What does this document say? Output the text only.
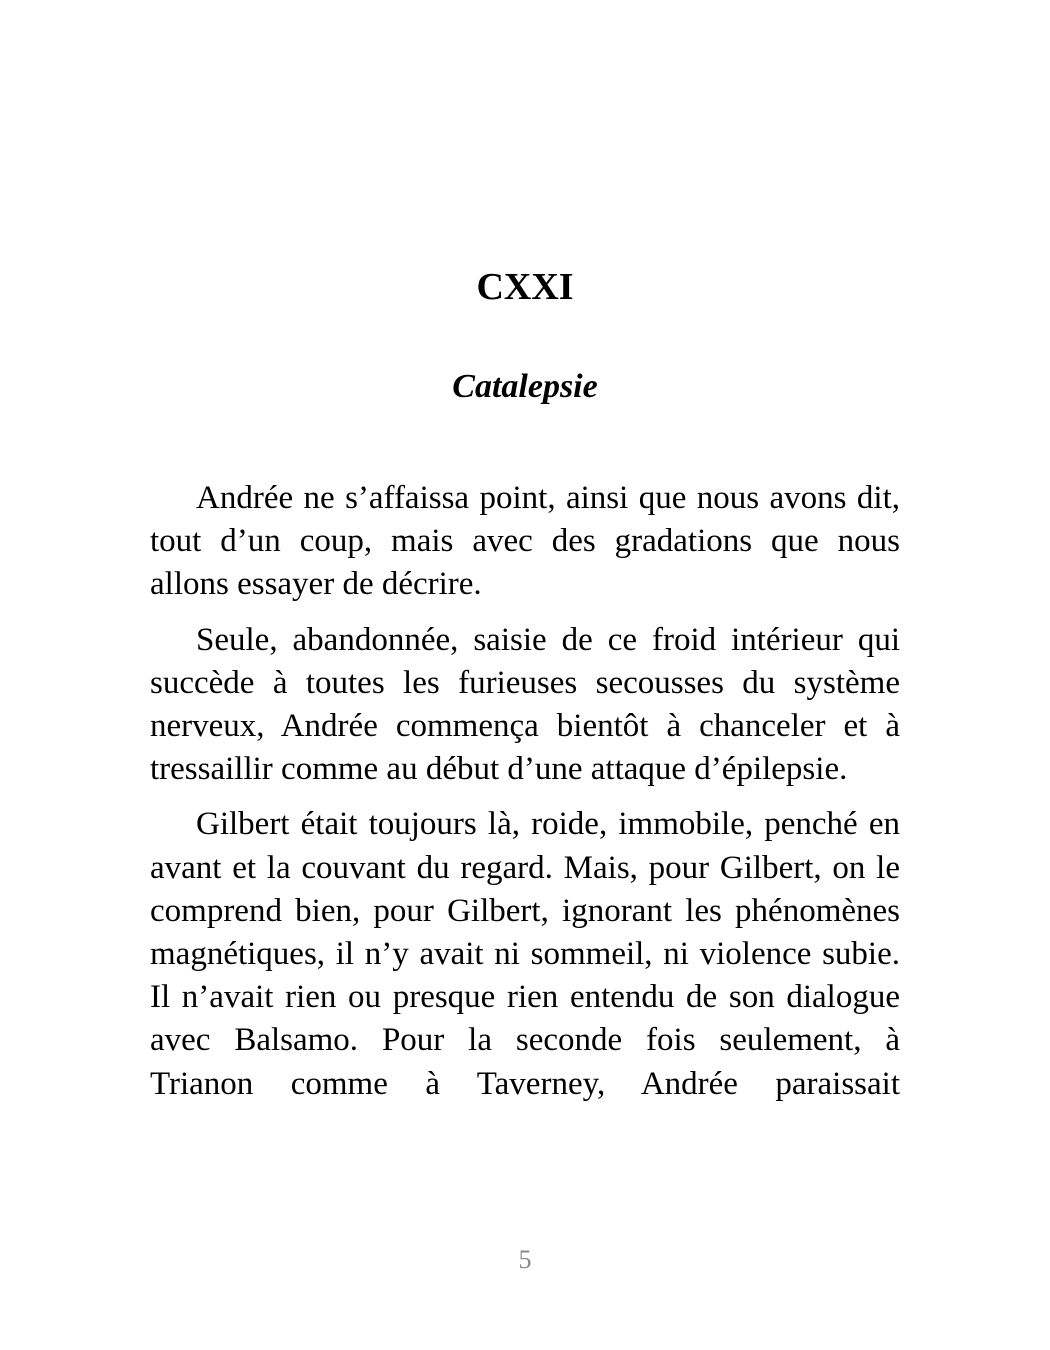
CXXI
Catalepsie

Andrée ne s’affaissa point, ainsi que nous avons dit, tout d’un coup, mais avec des gradations que nous allons essayer de décrire.

Seule, abandonnée, saisie de ce froid intérieur qui succède à toutes les furieuses secousses du système nerveux, Andrée commença bientôt à chanceler et à tressaillir comme au début d’une attaque d’épilepsie.

Gilbert était toujours là, roide, immobile, penché en avant et la couvant du regard. Mais, pour Gilbert, on le comprend bien, pour Gilbert, ignorant les phénomènes magnétiques, il n’y avait ni sommeil, ni violence subie. Il n’avait rien ou presque rien entendu de son dialogue avec Balsamo. Pour la seconde fois seulement, à Trianon comme à Taverney, Andrée paraissait

5
